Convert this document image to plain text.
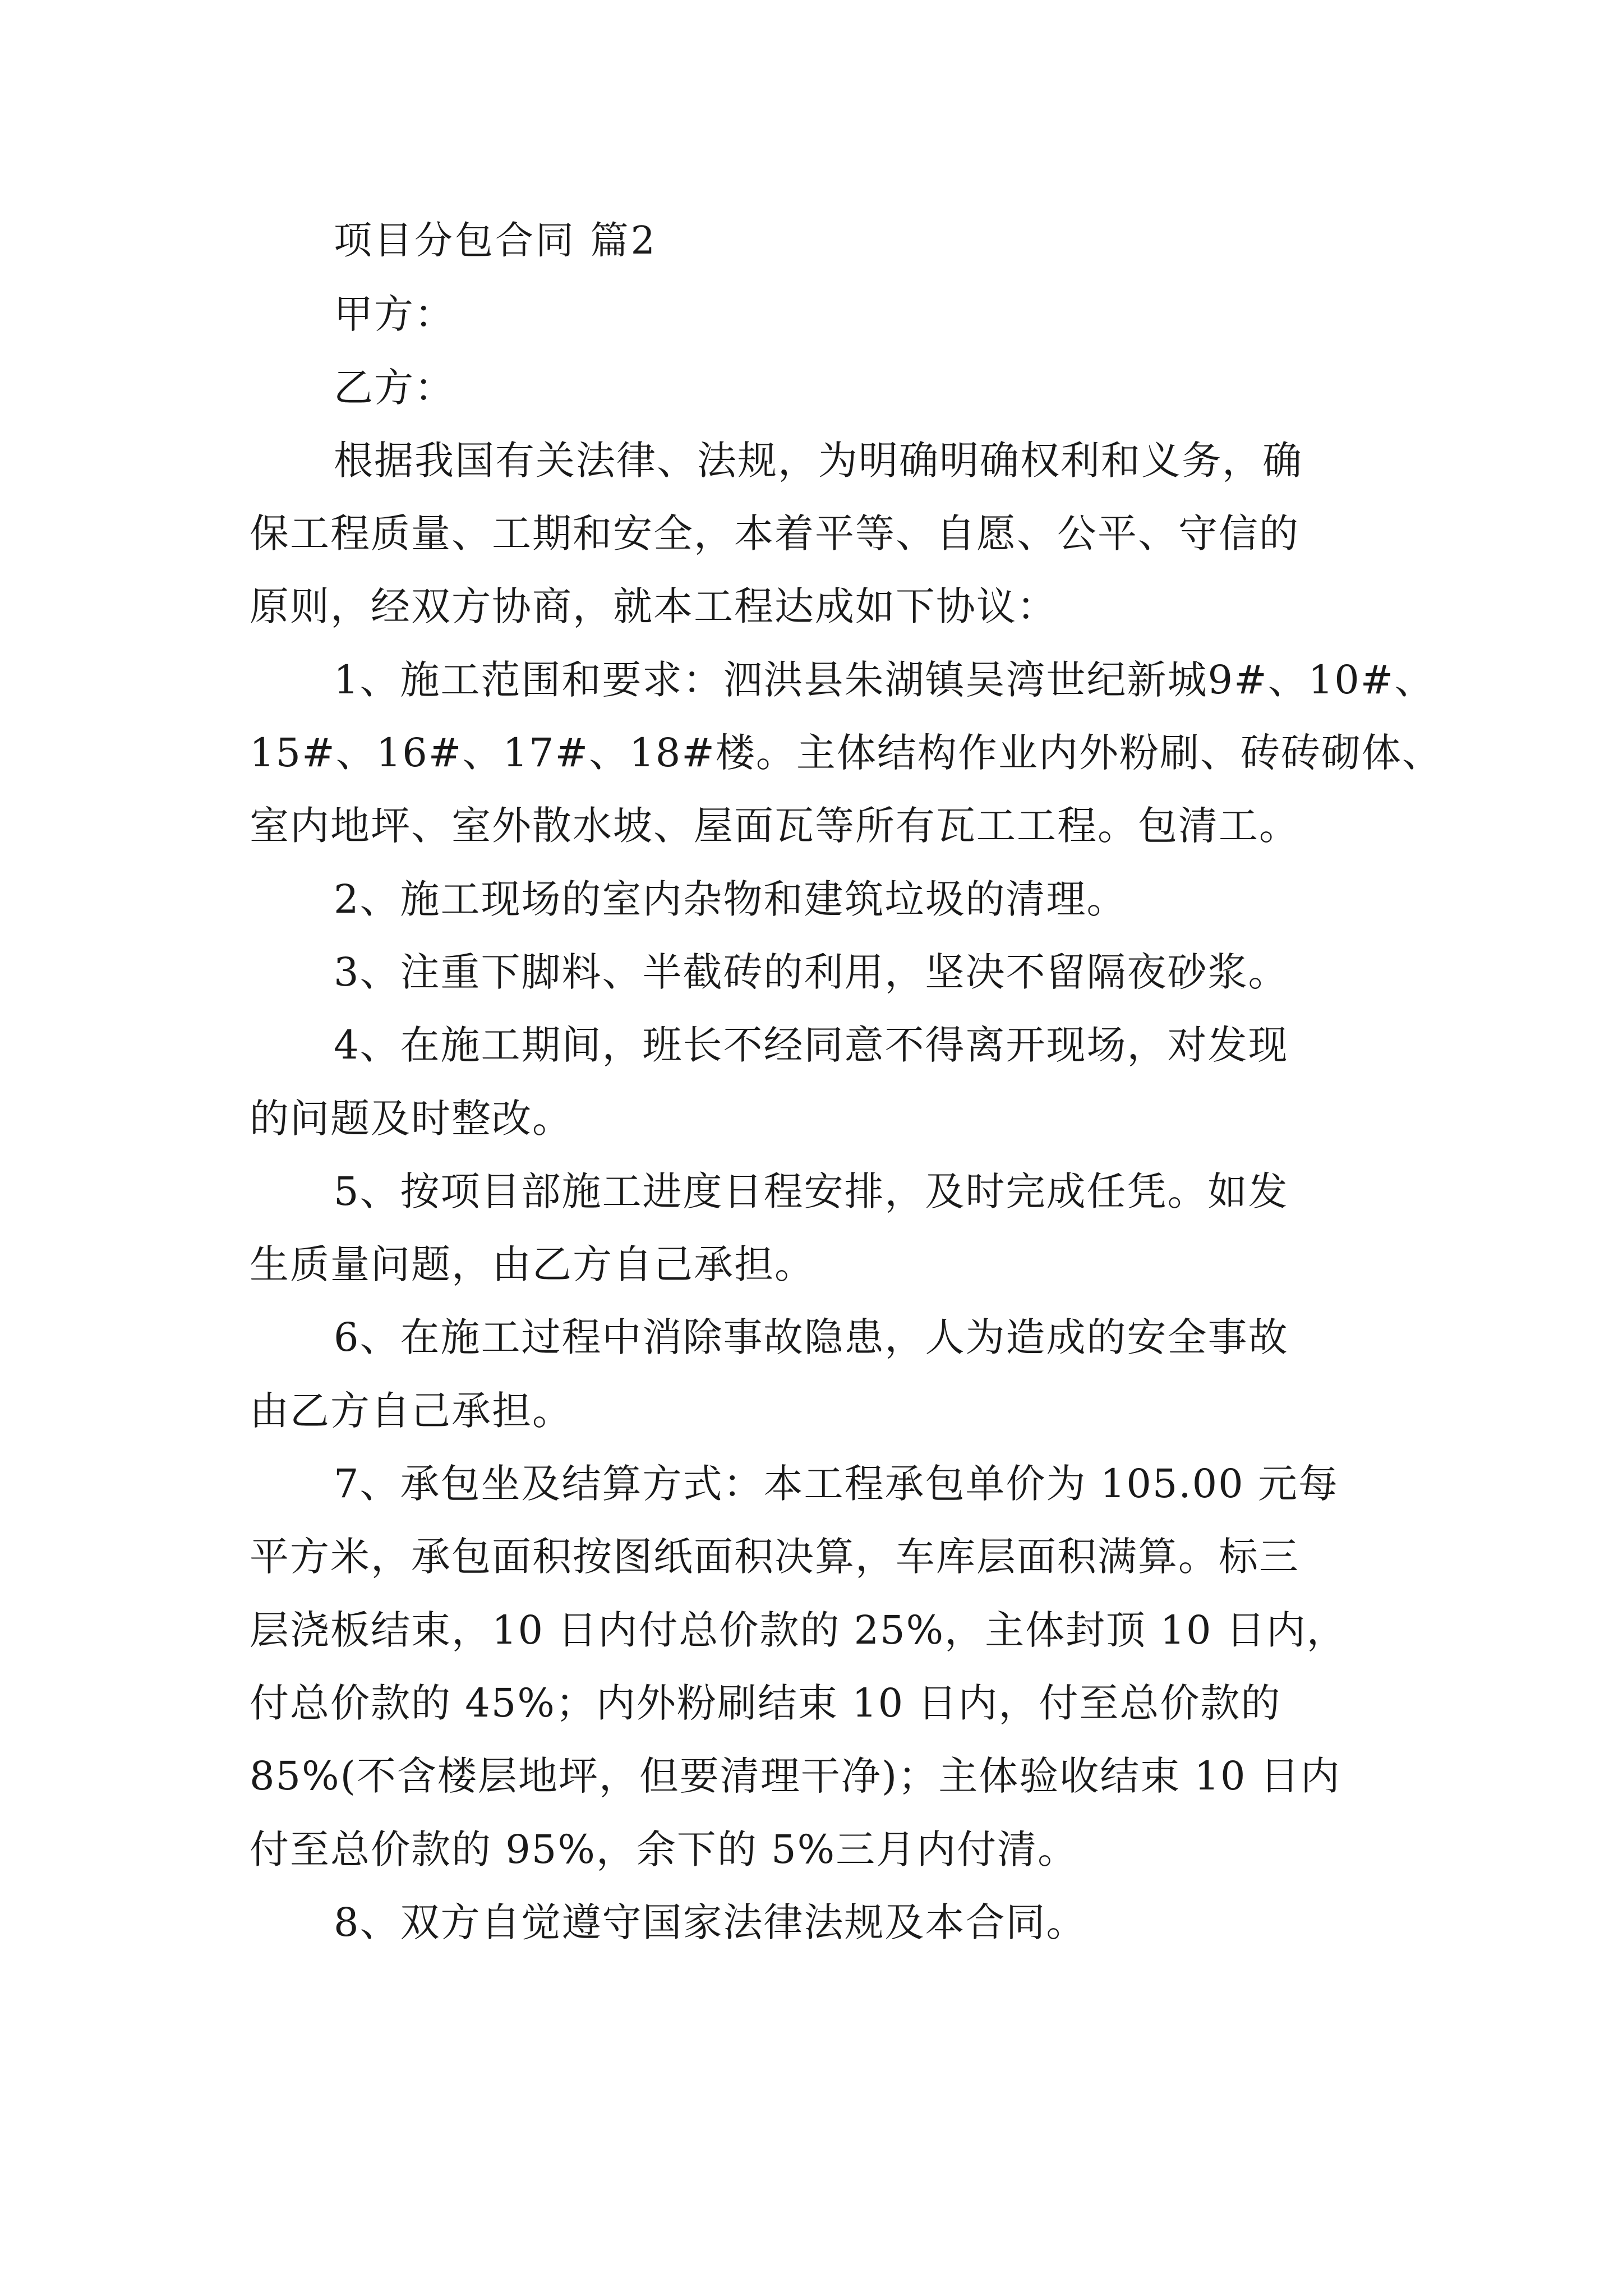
项目分包合同 篇2
甲方：
乙方：
根据我国有关法律、法规，为明确明确权利和义务，确
保工程质量、工期和安全，本着平等、自愿、公平、守信的
原则，经双方协商，就本工程达成如下协议：
1、施工范围和要求：泗洪县朱湖镇吴湾世纪新城9#、10#、
15#、16#、17#、18#楼。主体结构作业内外粉刷、砖砖砌体、
室内地坪、室外散水坡、屋面瓦等所有瓦工工程。包清工。
2、施工现场的室内杂物和建筑垃圾的清理。
3、注重下脚料、半截砖的利用，坚决不留隔夜砂浆。
4、在施工期间，班长不经同意不得离开现场，对发现
的问题及时整改。
5、按项目部施工进度日程安排，及时完成任凭。如发
生质量问题，由乙方自己承担。
6、在施工过程中消除事故隐患，人为造成的安全事故
由乙方自己承担。
7、承包坐及结算方式：本工程承包单价为 105.00 元每
平方米，承包面积按图纸面积决算，车库层面积满算。标三
层浇板结束，10 日内付总价款的 25%，主体封顶 10 日内，
付总价款的 45%；内外粉刷结束 10 日内，付至总价款的
85%(不含楼层地坪，但要清理干净)；主体验收结束 10 日内
付至总价款的 95%，余下的 5%三月内付清。
8、双方自觉遵守国家法律法规及本合同。
